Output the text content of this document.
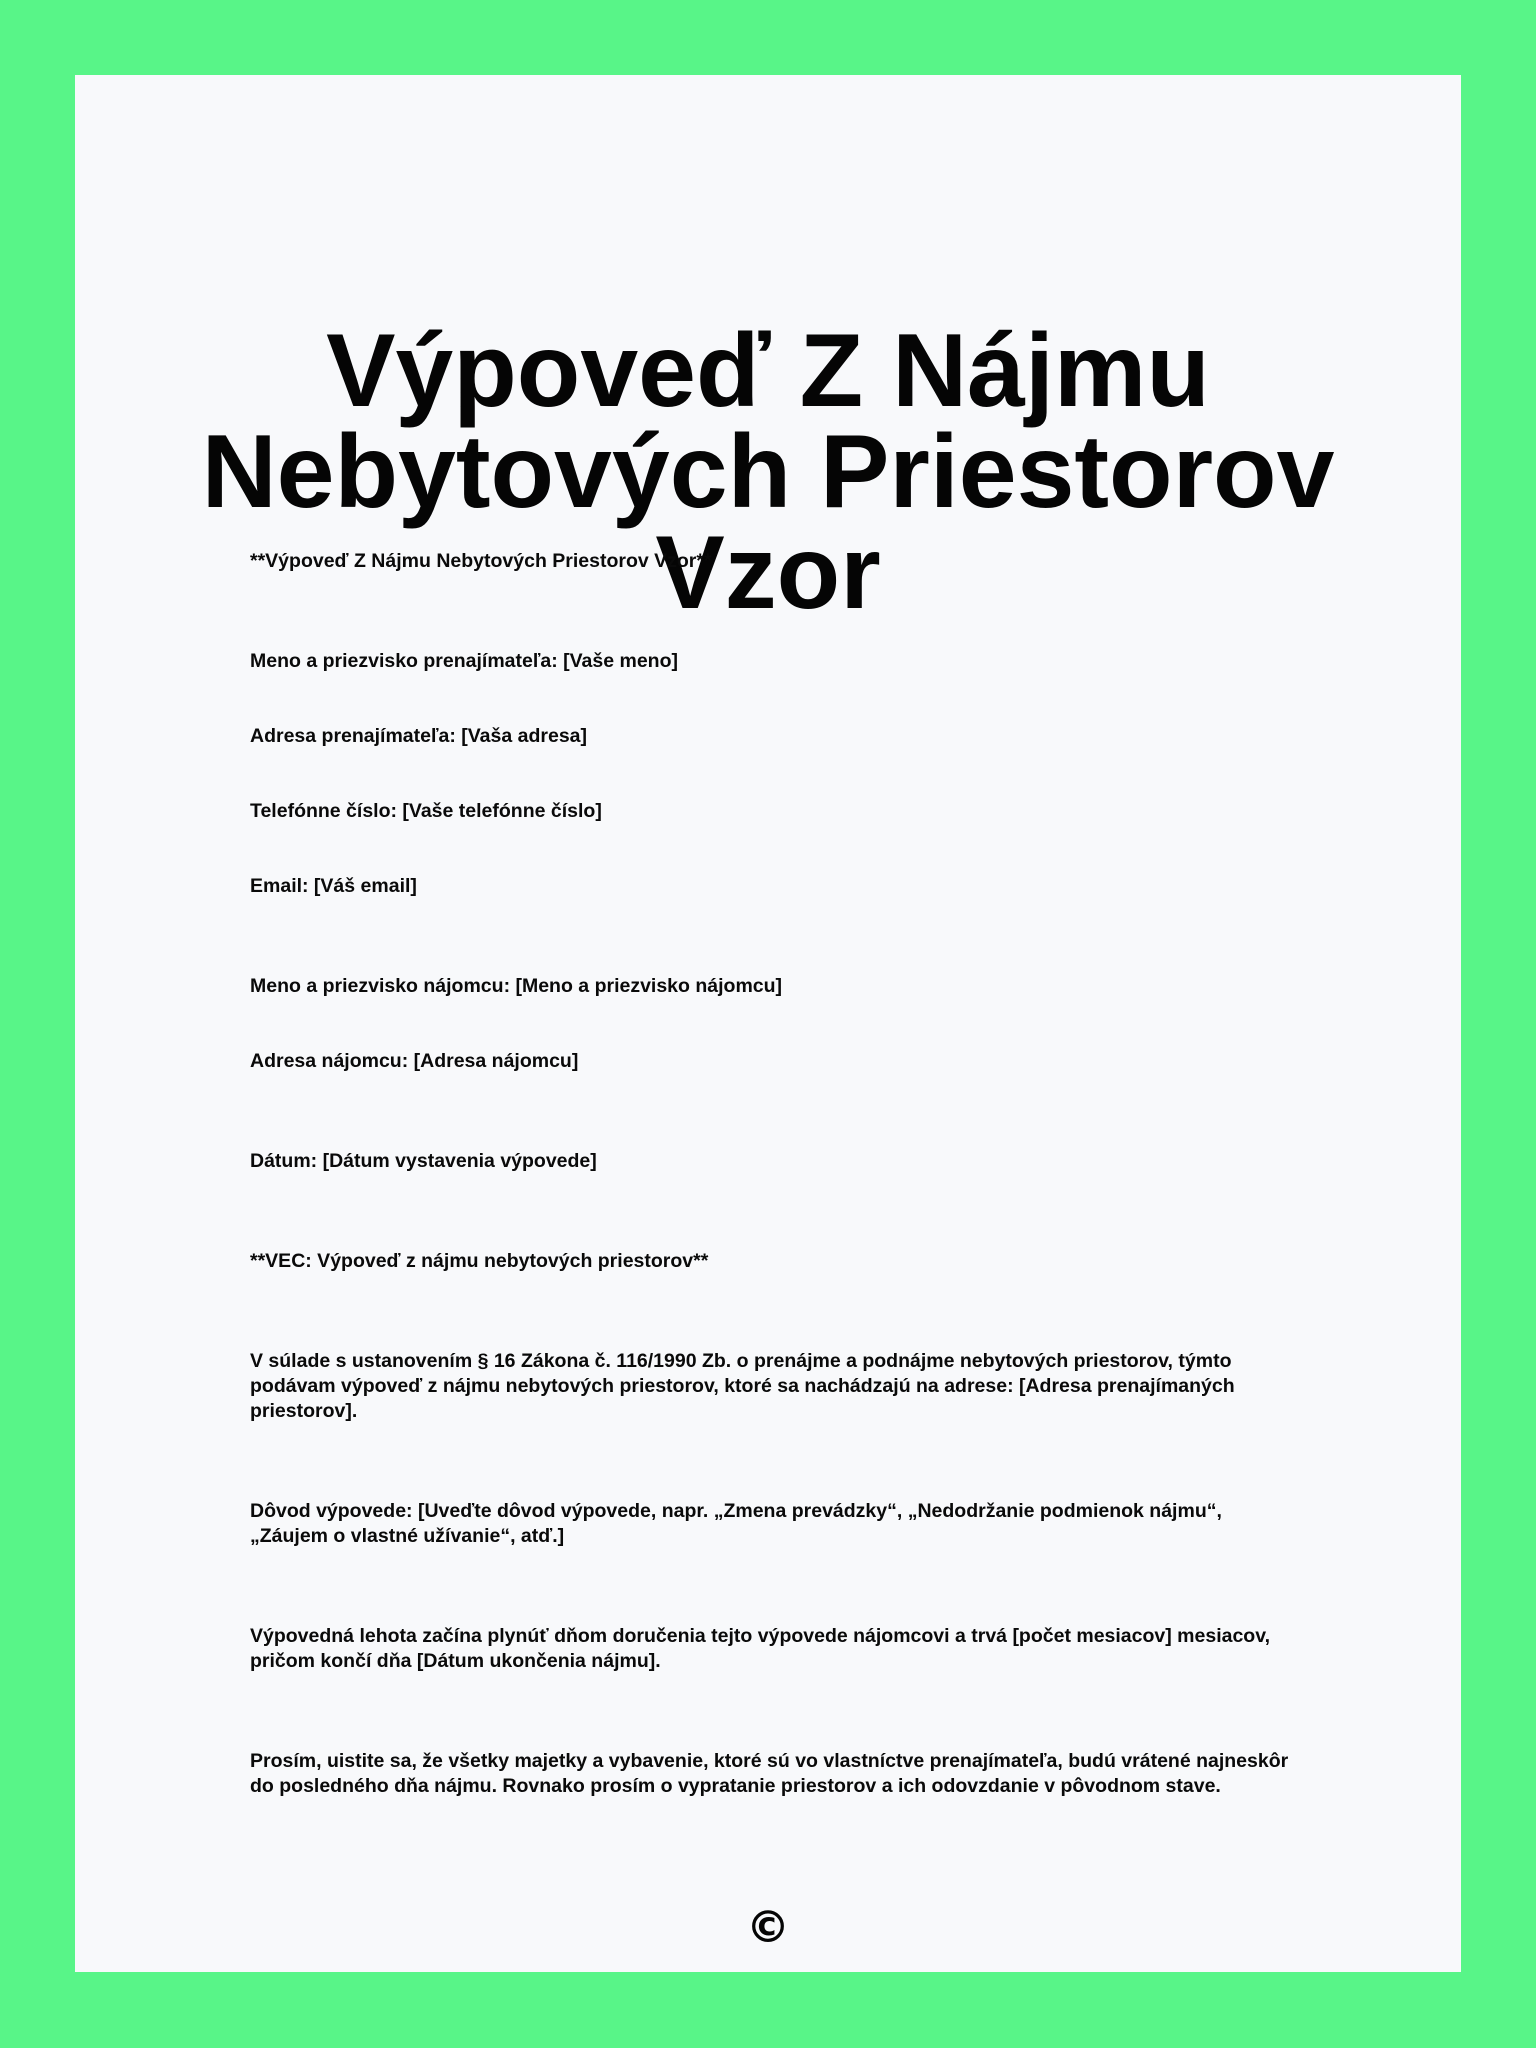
Výpoveď Z Nájmu
Nebytových Priestorov Vzor

**Výpoveď Z Nájmu Nebytových Priestorov Vzor**

Meno a priezvisko prenajímateľa: [Vaše meno]

Adresa prenajímateľa: [Vaša adresa]

Telefónne číslo: [Vaše telefónne číslo]

Email: [Váš email]

Meno a priezvisko nájomcu: [Meno a priezvisko nájomcu]

Adresa nájomcu: [Adresa nájomcu]

Dátum: [Dátum vystavenia výpovede]

**VEC: Výpoveď z nájmu nebytových priestorov**

V súlade s ustanovením § 16 Zákona č. 116/1990 Zb. o prenájme a podnájme nebytových priestorov, týmto podávam výpoveď z nájmu nebytových priestorov, ktoré sa nachádzajú na adrese: [Adresa prenajímaných priestorov].

Dôvod výpovede: [Uveďte dôvod výpovede, napr. „Zmena prevádzky“, „Nedodržanie podmienok nájmu“, „Záujem o vlastné užívanie“, atď.]

Výpovedná lehota začína plynúť dňom doručenia tejto výpovede nájomcovi a trvá [počet mesiacov] mesiacov, pričom končí dňa [Dátum ukončenia nájmu].

Prosím, uistite sa, že všetky majetky a vybavenie, ktoré sú vo vlastníctve prenajímateľa, budú vrátené najneskôr do posledného dňa nájmu. Rovnako prosím o vypratanie priestorov a ich odovzdanie v pôvodnom stave.

©
